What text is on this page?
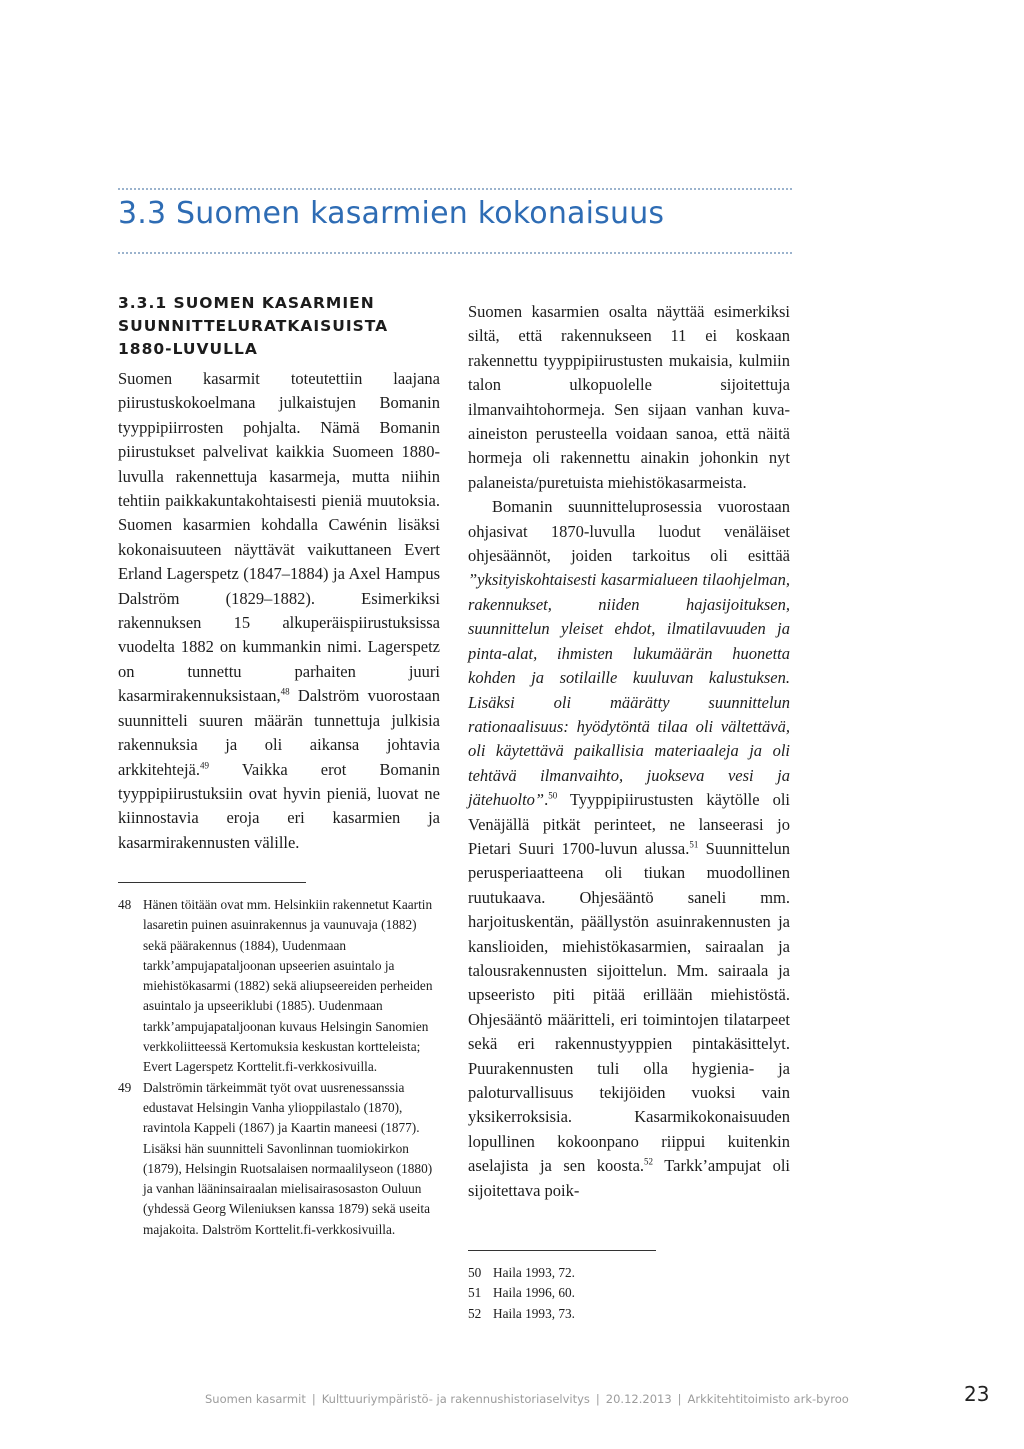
3.3 Suomen kasarmien kokonaisuus
3.3.1 SUOMEN KASARMIEN
SUUNNITTELURATKAISUISTA
1880-LUVULLA

Suomen kasarmit toteutettiin laajana piirustuskokoelmana julkaistujen Bomanin tyyppipiirrosten pohjalta. Nämä Bomanin piirustukset palvelivat kaikkia Suomeen 1880-luvulla rakennettuja kasarmeja, mutta niihin tehtiin paikkakuntakohtaisesti pieniä muutoksia. Suomen kasarmien kohdalla Cawénin lisäksi kokonaisuuteen näyttävät vaikuttaneen Evert Erland Lagerspetz (1847–1884) ja Axel Hampus Dalström (1829–1882). Esimerkiksi rakennuksen 15 alkuperäispiirustuksissa vuodelta 1882 on kummankin nimi. Lagerspetz on tunnettu parhaiten juuri kasarmirakennuksistaan,$^{48}$ Dalström vuorostaan suunnitteli suuren määrän tunnettuja julkisia rakennuksia ja oli aikansa johtavia arkkitehtejä.$^{49}$ Vaikka erot Bomanin tyyppipiirustuksiin ovat hyvin pieniä, luovat ne kiinnostavia eroja eri kasarmien ja kasarmirakennusten välille.

48 Hänen töitään ovat mm. Helsinkiin rakennetut Kaartin lasaretin puinen asuinrakennus ja vaunuvaja (1882) sekä päärakennus (1884), Uudenmaan tarkk’ampujapataljoonan upseerien asuintalo ja miehistökasarmi (1882) sekä aliupseereiden perheiden asuintalo ja upseeriklubi (1885). Uudenmaan tarkk’ampujapataljoonan kuvaus Helsingin Sanomien verkkoliitteessä Kertomuksia keskustan kortteleista; Evert Lagerspetz Korttelit.fi-verkkosivuilla.
49 Dalströmin tärkeimmät työt ovat uusrenessanssia edustavat Helsingin Vanha ylioppilastalo (1870), ravintola Kappeli (1867) ja Kaartin maneesi (1877). Lisäksi hän suunnitteli Savonlinnan tuomiokirkon (1879), Helsingin Ruotsalaisen normaalilyseon (1880) ja vanhan lääninsairaalan mielisairasosaston Ouluun (yhdessä Georg Wileniuksen kanssa 1879) sekä useita majakoita. Dalström Korttelit.fi-verkkosivuilla.

Suomen kasarmien osalta näyttää esimerkiksi siltä, että rakennukseen 11 ei koskaan rakennettu tyyppipiirustusten mukaisia, kulmiin talon ulkopuolelle sijoitettuja ilmanvaihtohormeja. Sen sijaan vanhan kuva-aineiston perusteella voidaan sanoa, että näitä hormeja oli rakennettu ainakin johonkin nyt palaneista/puretuista miehistökasarmeista.

Bomanin suunnitteluprosessia vuorostaan ohjasivat 1870-luvulla luodut venäläiset ohjesäännöt, joiden tarkoitus oli esittää ”yksityiskohtaisesti kasarmialueen tilaohjelman, rakennukset, niiden hajasijoituksen, suunnittelun yleiset ehdot, ilmatilavuuden ja pinta-alat, ihmisten lukumäärän huonetta kohden ja sotilaille kuuluvan kalustuksen. Lisäksi oli määrätty suunnittelun rationaalisuus: hyödytöntä tilaa oli vältettävä, oli käytettävä paikallisia materiaaleja ja oli tehtävä ilmanvaihto, juokseva vesi ja jätehuolto”.$^{50}$ Tyyppipiirustusten käytölle oli Venäjällä pitkät perinteet, ne lanseerasi jo Pietari Suuri 1700-luvun alussa.$^{51}$ Suunnittelun perusperiaatteena oli tiukan muodollinen ruutukaava. Ohjesääntö saneli mm. harjoituskentän, päällystön asuinrakennusten ja kanslioiden, miehistökasarmien, sairaalan ja talousrakennusten sijoittelun. Mm. sairaala ja upseeristo piti pitää erillään miehistöstä. Ohjesääntö määritteli, eri toimintojen tilatarpeet sekä eri rakennustyyppien pintakäsittelyt. Puurakennusten tuli olla hygienia- ja paloturvallisuus tekijöiden vuoksi vain yksikerroksisia. Kasarmikokonaisuuden lopullinen kokoonpano riippui kuitenkin aselajista ja sen koosta.$^{52}$ Tarkk’ampujat oli sijoitettava poik-

50 Haila 1993, 72.
51 Haila 1996, 60.
52 Haila 1993, 73.
Suomen kasarmit | Kulttuuriympäristö- ja rakennushistoriaselvitys | 20.12.2013 | Arkkitehtitoimisto ark-byroo	23
